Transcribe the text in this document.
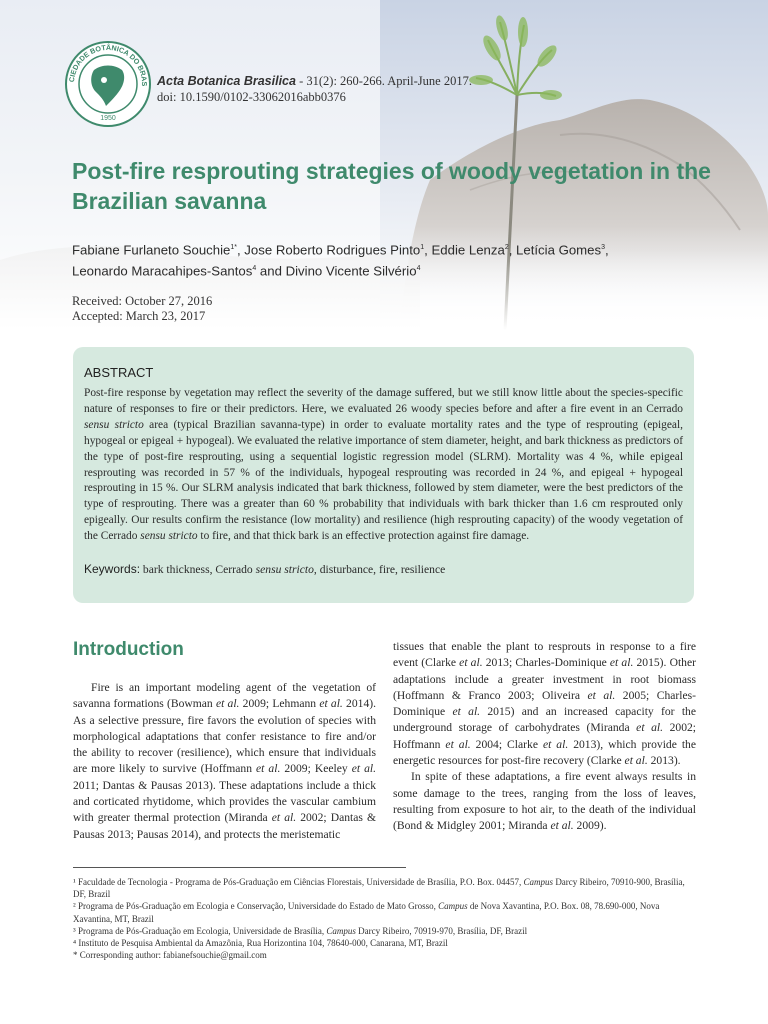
CIEDADE BOTÂNICA DO BRAS
1950
Acta Botanica Brasilica - 31(2): 260-266. April-June 2017.
doi: 10.1590/0102-33062016abb0376
Post-fire resprouting strategies of woody vegetation in the Brazilian savanna
Fabiane Furlaneto Souchie$^{1*}$, Jose Roberto Rodrigues Pinto$^1$, Eddie Lenza$^2$, Letícia Gomes$^3$,
Leonardo Maracahipes-Santos$^4$ and Divino Vicente Silvério$^4$
Received: October 27, 2016
Accepted: March 23, 2017
ABSTRACT

Post-fire response by vegetation may reflect the severity of the damage suffered, but we still know little about the species-specific nature of responses to fire or their predictors. Here, we evaluated 26 woody species before and after a fire event in an Cerrado sensu stricto area (typical Brazilian savanna-type) in order to evaluate mortality rates and the type of resprouting (epigeal, hypogeal or epigeal + hypogeal). We evaluated the relative importance of stem diameter, height, and bark thickness as predictors of the type of post-fire resprouting, using a sequential logistic regression model (SLRM). Mortality was 4 %, while epigeal resprouting was recorded in 57 % of the individuals, hypogeal resprouting was recorded in 24 %, and epigeal + hypogeal resprouting in 15 %. Our SLRM analysis indicated that bark thickness, followed by stem diameter, were the best predictors of the type of resprouting. There was a greater than 60 % probability that individuals with bark thicker than 1.6 cm resprouted only epigeally. Our results confirm the resistance (low mortality) and resilience (high resprouting capacity) of the woody vegetation of the Cerrado sensu stricto to fire, and that thick bark is an effective protection against fire damage.

Keywords: bark thickness, Cerrado sensu stricto, disturbance, fire, resilience
Introduction

Fire is an important modeling agent of the vegetation of savanna formations (Bowman et al. 2009; Lehmann et al. 2014). As a selective pressure, fire favors the evolution of species with morphological adaptations that confer resistance to fire and/or the ability to recover (resilience), which ensure that individuals are more likely to survive (Hoffmann et al. 2009; Keeley et al. 2011; Dantas & Pausas 2013). These adaptations include a thick and corticated rhytidome, which provides the vascular cambium with greater thermal protection (Miranda et al. 2002; Dantas & Pausas 2013; Pausas 2014), and protects the meristematic

tissues that enable the plant to resprouts in response to a fire event (Clarke et al. 2013; Charles-Dominique et al. 2015). Other adaptations include a greater investment in root biomass (Hoffmann & Franco 2003; Oliveira et al. 2005; Charles-Dominique et al. 2015) and an increased capacity for the underground storage of carbohydrates (Miranda et al. 2002; Hoffmann et al. 2004; Clarke et al. 2013), which provide the energetic resources for post-fire recovery (Clarke et al. 2013).

In spite of these adaptations, a fire event always results in some damage to the trees, ranging from the loss of leaves, resulting from exposure to hot air, to the death of the individual (Bond & Midgley 2001; Miranda et al. 2009).

¹ Faculdade de Tecnologia - Programa de Pós-Graduação em Ciências Florestais, Universidade de Brasília, P.O. Box. 04457, Campus Darcy Ribeiro, 70910-900, Brasília, DF, Brazil
² Programa de Pós-Graduação em Ecologia e Conservação, Universidade do Estado de Mato Grosso, Campus de Nova Xavantina, P.O. Box. 08, 78.690-000, Nova Xavantina, MT, Brazil
³ Programa de Pós-Graduação em Ecologia, Universidade de Brasília, Campus Darcy Ribeiro, 70919-970, Brasília, DF, Brazil
⁴ Instituto de Pesquisa Ambiental da Amazônia, Rua Horizontina 104, 78640-000, Canarana, MT, Brazil
* Corresponding author: fabianefsouchie@gmail.com
